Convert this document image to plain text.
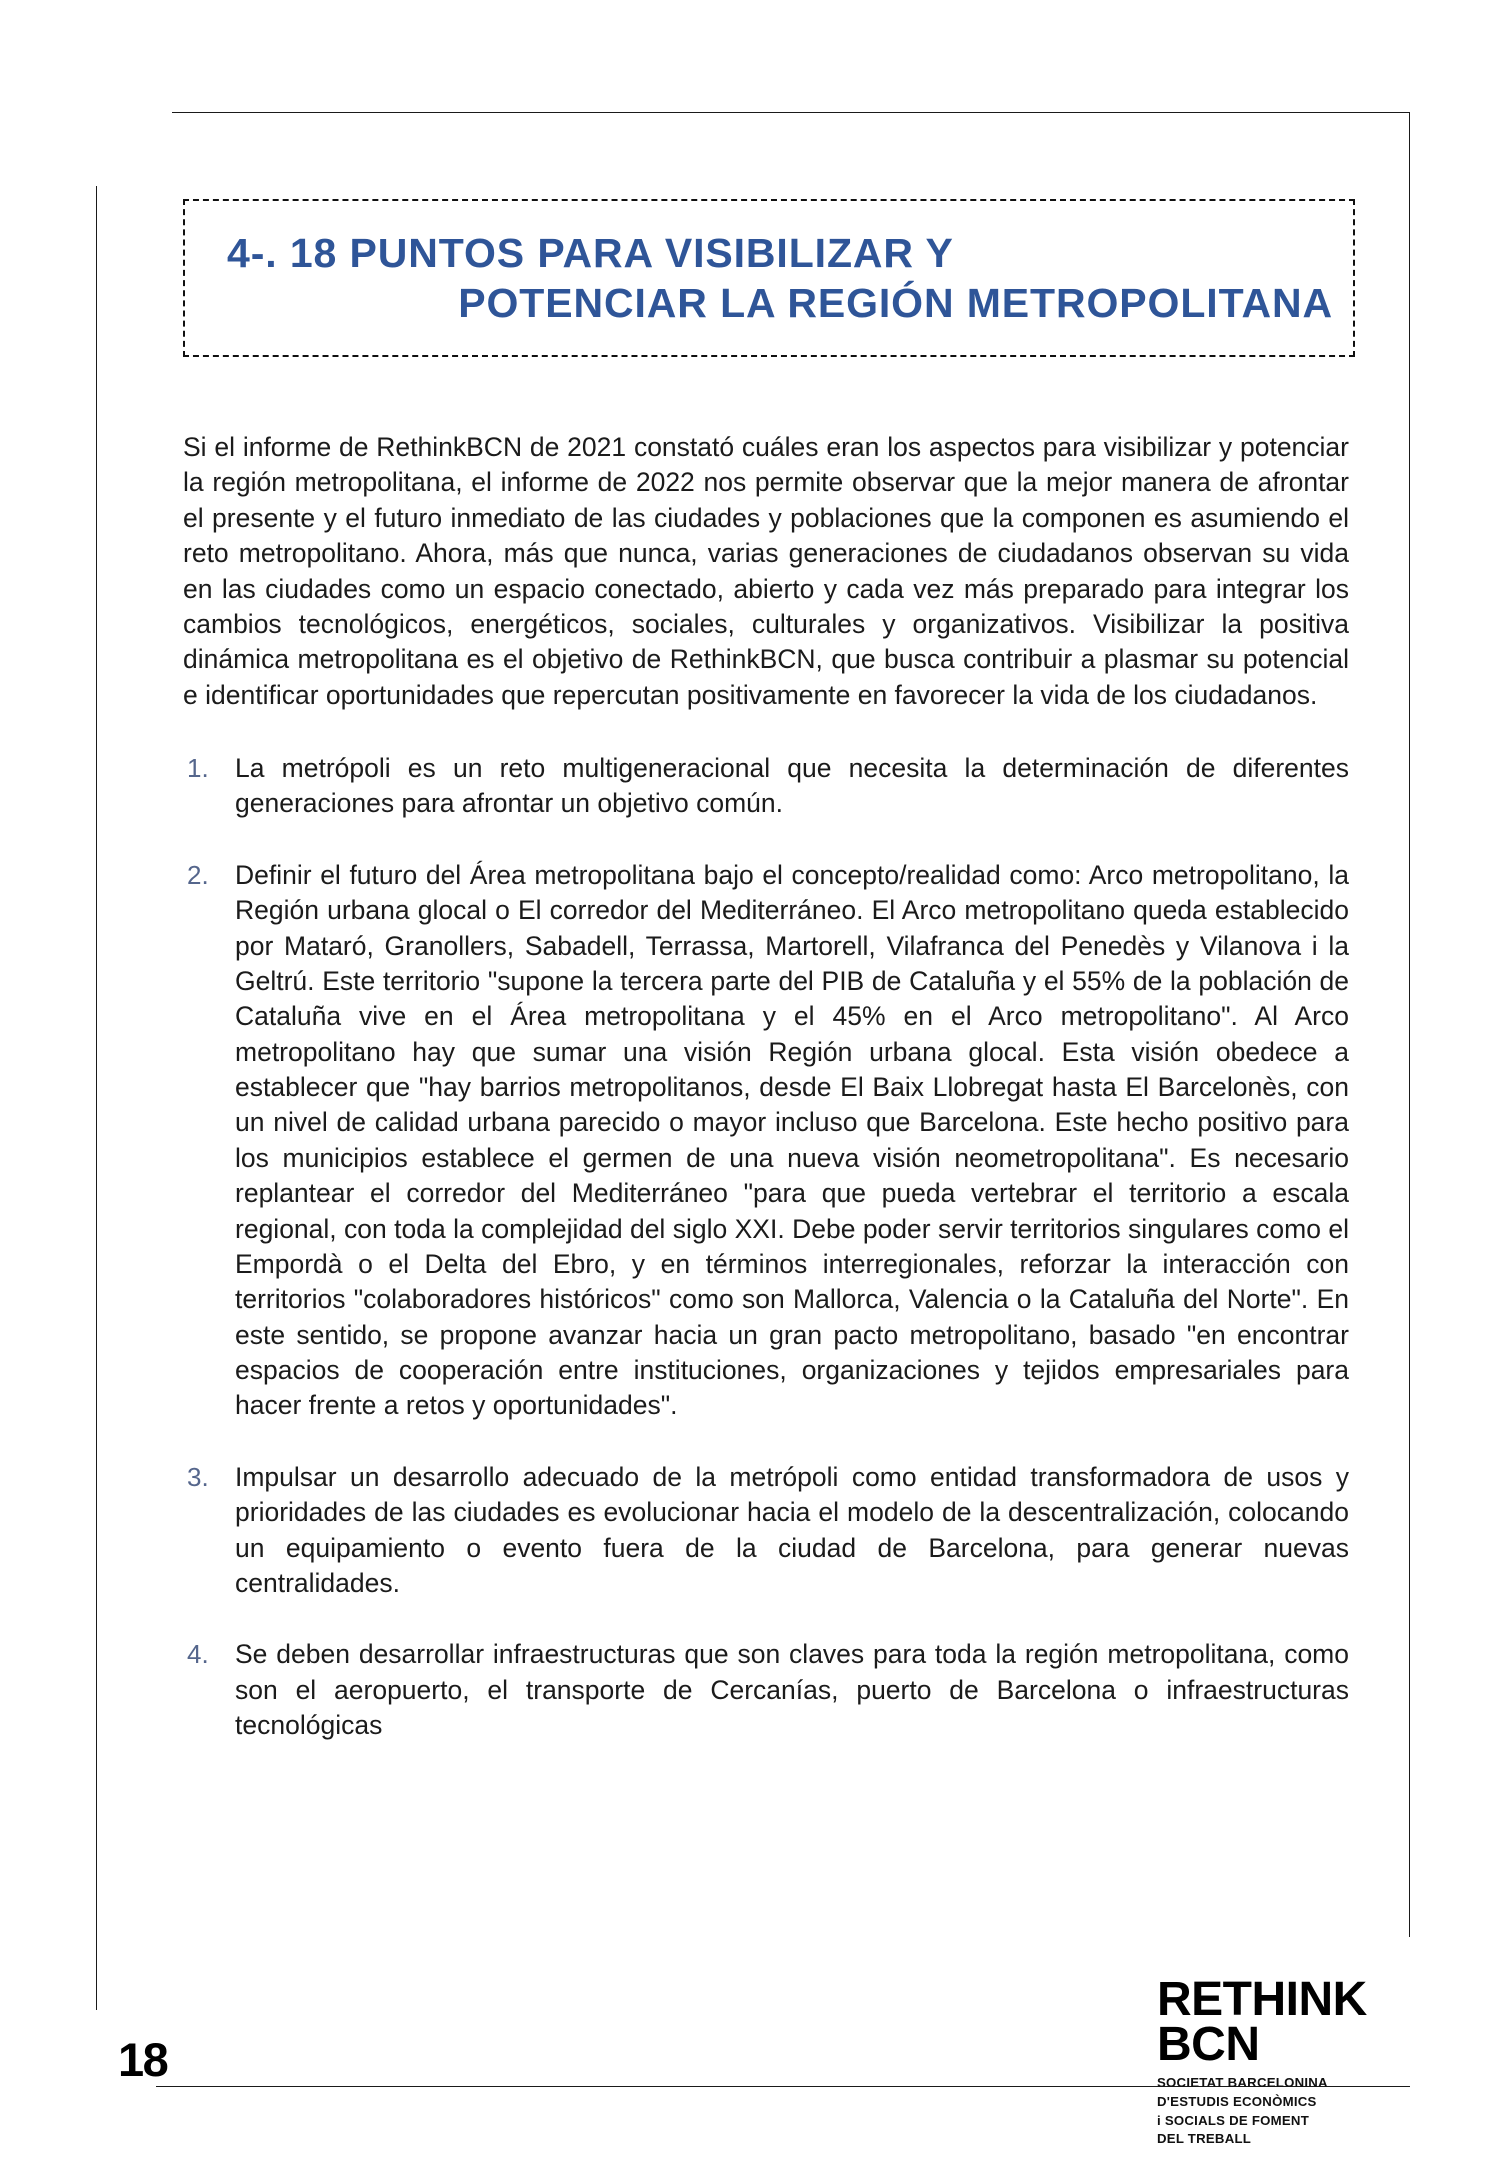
4-. 18 PUNTOS PARA VISIBILIZAR Y
POTENCIAR LA REGIÓN METROPOLITANA

Si el informe de RethinkBCN de 2021 constató cuáles eran los aspectos para visibilizar y potenciar la región metropolitana, el informe de 2022 nos permite observar que la mejor manera de afrontar el presente y el futuro inmediato de las ciudades y poblaciones que la componen es asumiendo el reto metropolitano. Ahora, más que nunca, varias generaciones de ciudadanos observan su vida en las ciudades como un espacio conectado, abierto y cada vez más preparado para integrar los cambios tecnológicos, energéticos, sociales, culturales y organizativos. Visibilizar la positiva dinámica metropolitana es el objetivo de RethinkBCN, que busca contribuir a plasmar su potencial e identificar oportunidades que repercutan positivamente en favorecer la vida de los ciudadanos.

1. La metrópoli es un reto multigeneracional que necesita la determinación de diferentes generaciones para afrontar un objetivo común.
2. Definir el futuro del Área metropolitana bajo el concepto/realidad como: Arco metropolitano, la Región urbana glocal o El corredor del Mediterráneo. El Arco metropolitano queda establecido por Mataró, Granollers, Sabadell, Terrassa, Martorell, Vilafranca del Penedès y Vilanova i la Geltrú. Este territorio "supone la tercera parte del PIB de Cataluña y el 55% de la población de Cataluña vive en el Área metropolitana y el 45% en el Arco metropolitano". Al Arco metropolitano hay que sumar una visión Región urbana glocal. Esta visión obedece a establecer que "hay barrios metropolitanos, desde El Baix Llobregat hasta El Barcelonès, con un nivel de calidad urbana parecido o mayor incluso que Barcelona. Este hecho positivo para los municipios establece el germen de una nueva visión neometropolitana". Es necesario replantear el corredor del Mediterráneo "para que pueda vertebrar el territorio a escala regional, con toda la complejidad del siglo XXI. Debe poder servir territorios singulares como el Empordà o el Delta del Ebro, y en términos interregionales, reforzar la interacción con territorios "colaboradores históricos" como son Mallorca, Valencia o la Cataluña del Norte". En este sentido, se propone avanzar hacia un gran pacto metropolitano, basado "en encontrar espacios de cooperación entre instituciones, organizaciones y tejidos empresariales para hacer frente a retos y oportunidades".
3. Impulsar un desarrollo adecuado de la metrópoli como entidad transformadora de usos y prioridades de las ciudades es evolucionar hacia el modelo de la descentralización, colocando un equipamiento o evento fuera de la ciudad de Barcelona, para generar nuevas centralidades.
4. Se deben desarrollar infraestructuras que son claves para toda la región metropolitana, como son el aeropuerto, el transporte de Cercanías, puerto de Barcelona o infraestructuras tecnológicas
18
RETHINK
BCN
SOCIETAT BARCELONINA
D'ESTUDIS ECONÒMICS
i SOCIALS DE FOMENT
DEL TREBALL
